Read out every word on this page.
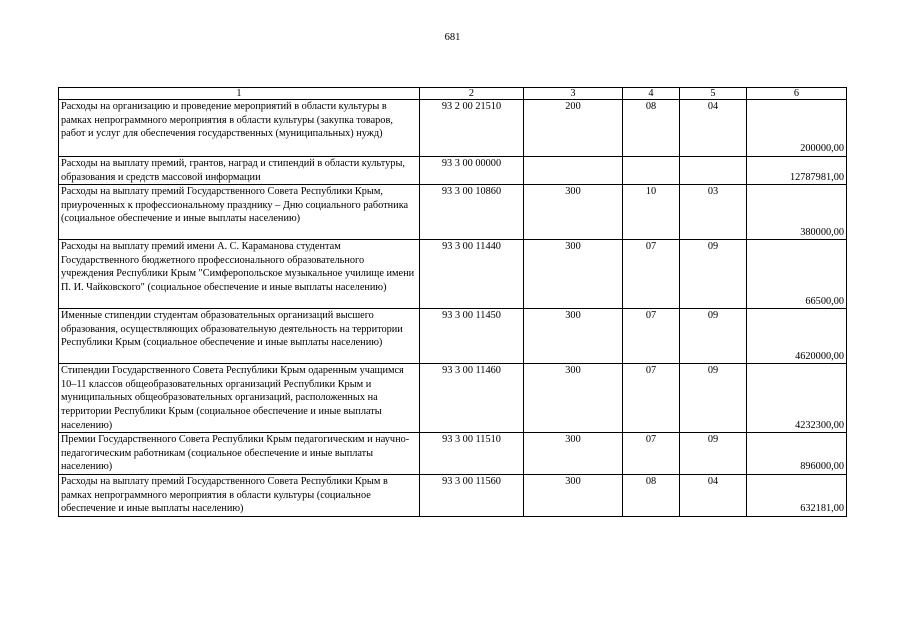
681
1	2	3	4	5	6
Расходы на организацию и проведение мероприятий в области культуры в рамках непрограммного мероприятия в области культуры (закупка товаров, работ и услуг для обеспечения государственных (муниципальных) нужд)	93 2 00 21510	200	08	04	200000,00
Расходы на выплату премий, грантов, наград и стипендий в области культуры, образования и средств массовой информации	93 3 00 00000				12787981,00
Расходы на выплату премий Государственного Совета Республики Крым, приуроченных к профессиональному празднику – Дню социального работника (социальное обеспечение и иные выплаты населению)	93 3 00 10860	300	10	03	380000,00
Расходы на выплату премий имени А. С. Караманова студентам Государственного бюджетного профессионального образовательного учреждения Республики Крым "Симферопольское музыкальное училище имени П. И. Чайковского" (социальное обеспечение и иные выплаты населению)	93 3 00 11440	300	07	09	66500,00
Именные стипендии студентам образовательных организаций высшего образования, осуществляющих образовательную деятельность на территории Республики Крым (социальное обеспечение и иные выплаты населению)	93 3 00 11450	300	07	09	4620000,00
Стипендии Государственного Совета Республики Крым одаренным учащимся 10–11 классов общеобразовательных организаций Республики Крым и муниципальных общеобразовательных организаций, расположенных на территории Республики Крым (социальное обеспечение и иные выплаты населению)	93 3 00 11460	300	07	09	4232300,00
Премии Государственного Совета Республики Крым педагогическим и научно-педагогическим работникам (социальное обеспечение и иные выплаты населению)	93 3 00 11510	300	07	09	896000,00
Расходы на выплату премий Государственного Совета Республики Крым в рамках непрограммного мероприятия в области культуры (социальное обеспечение и иные выплаты населению)	93 3 00 11560	300	08	04	632181,00
